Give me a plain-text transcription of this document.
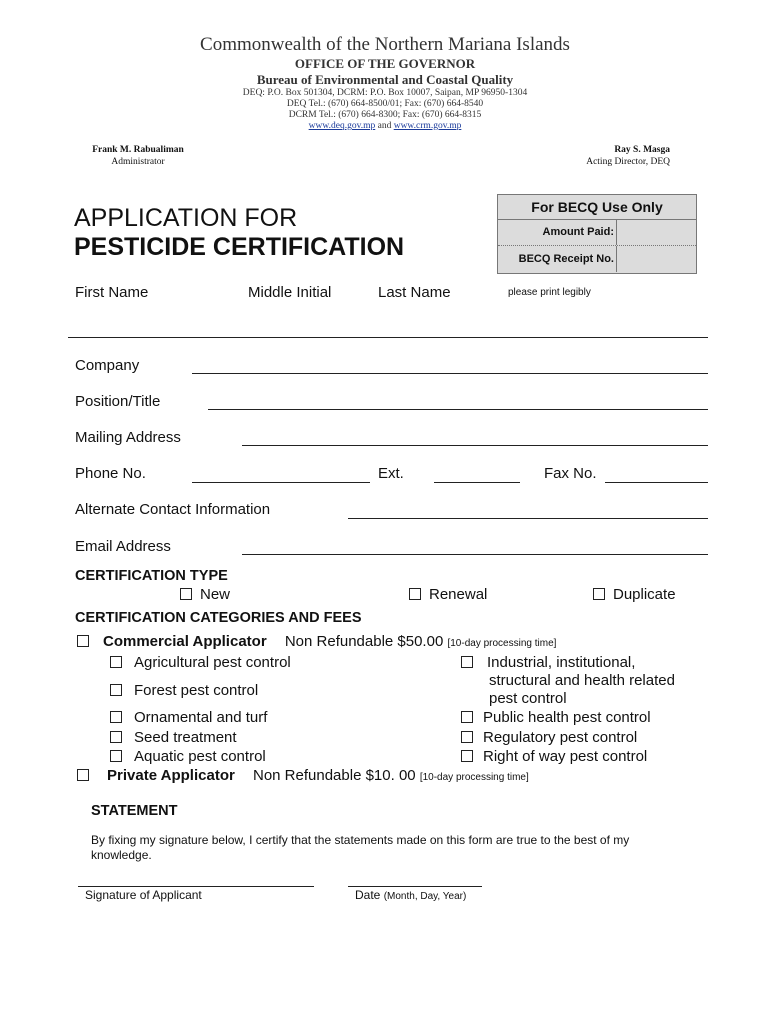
Commonwealth of the Northern Mariana Islands
OFFICE OF THE GOVERNOR
Bureau of Environmental and Coastal Quality
DEQ: P.O. Box 501304, DCRM: P.O. Box 10007, Saipan, MP 96950-1304
DEQ Tel.: (670) 664-8500/01; Fax: (670) 664-8540
DCRM Tel.: (670) 664-8300; Fax: (670) 664-8315
www.deq.gov.mp and www.crm.gov.mp
Frank M. Rabualiman
Administrator
Ray S. Masga
Acting Director, DEQ
APPLICATION FOR
PESTICIDE CERTIFICATION
For BECQ Use Only
Amount Paid:
BECQ Receipt No.
First Name	Middle Initial	Last Name	please print legibly
Company
Position/Title
Mailing Address
Phone No.	Ext.	Fax No.
Alternate Contact Information
Email Address
CERTIFICATION TYPE
New	Renewal	Duplicate
CERTIFICATION CATEGORIES AND FEES
Commercial Applicator Non Refundable $50.00 [10-day processing time]
Agricultural pest control
Forest pest control
Ornamental and turf
Seed treatment
Aquatic pest control
Industrial, institutional,
structural and health related
pest control
Public health pest control
Regulatory pest control
Right of way pest control
Private Applicator Non Refundable $10. 00 [10-day processing time]
STATEMENT
By fixing my signature below, I certify that the statements made on this form are true to the best of my
knowledge.
Signature of Applicant	Date (Month, Day, Year)
